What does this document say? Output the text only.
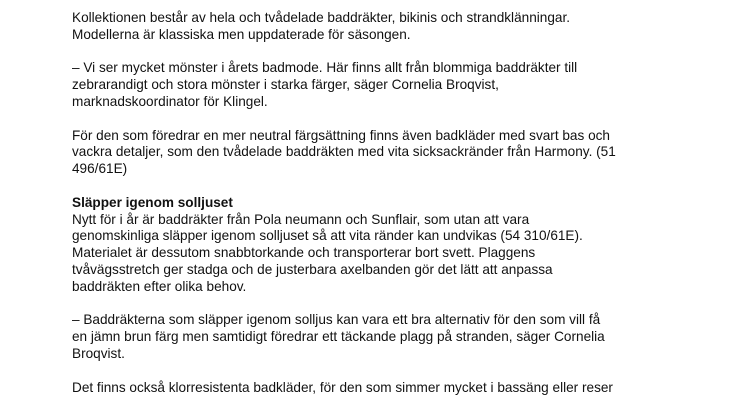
Kollektionen består av hela och tvådelade baddräkter, bikinis och strandklänningar.
Modellerna är klassiska men uppdaterade för säsongen.
– Vi ser mycket mönster i årets badmode. Här finns allt från blommiga baddräkter till
zebrarandigt och stora mönster i starka färger, säger Cornelia Broqvist,
marknadskoordinator för Klingel.
För den som föredrar en mer neutral färgsättning finns även badkläder med svart bas och
vackra detaljer, som den tvådelade baddräkten med vita sicksackränder från Harmony. (51
496/61E)
Släpper igenom solljuset
Nytt för i år är baddräkter från Pola neumann och Sunflair, som utan att vara
genomskinliga släpper igenom solljuset så att vita ränder kan undvikas (54 310/61E).
Materialet är dessutom snabbtorkande och transporterar bort svett. Plaggens
tvåvägsstretch ger stadga och de justerbara axelbanden gör det lätt att anpassa
baddräkten efter olika behov.
– Baddräkterna som släpper igenom solljus kan vara ett bra alternativ för den som vill få
en jämn brun färg men samtidigt föredrar ett täckande plagg på stranden, säger Cornelia
Broqvist.
Det finns också klorresistenta badkläder, för den som simmer mycket i bassäng eller reser
